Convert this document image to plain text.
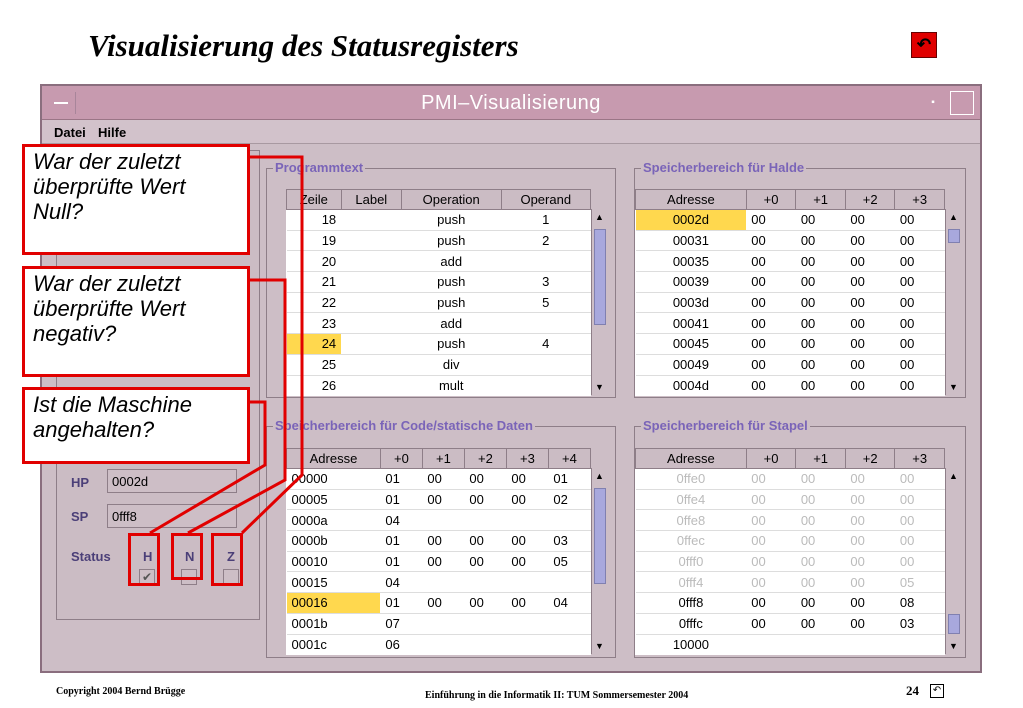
Visualisierung des Statusregisters	↶
PMI–Visualisierung	▪
Datei Hilfe
HP	0002d
SP	0fff8
Status H	N	Z
✔
Programmtext
Zeile	Label	Operation	Operand
18		push	1
19		push	2
20		add	
21		push	3
22		push	5
23		add	
24		push	4
25		div	
26		mult	
▲
▼
Speicherbereich für Halde
Adresse	+0	+1	+2	+3
0002d	00	00	00	00
00031	00	00	00	00
00035	00	00	00	00
00039	00	00	00	00
0003d	00	00	00	00
00041	00	00	00	00
00045	00	00	00	00
00049	00	00	00	00
0004d	00	00	00	00
▲
▼
Speicherbereich für Code/statische Daten
Adresse	+0	+1	+2	+3	+4
00000	01	00	00	00	01
00005	01	00	00	00	02
0000a	04				
0000b	01	00	00	00	03
00010	01	00	00	00	05
00015	04				
00016	01	00	00	00	04
0001b	07				
0001c	06				
▲
▼
Speicherbereich für Stapel
Adresse	+0	+1	+2	+3
0ffe0	00	00	00	00
0ffe4	00	00	00	00
0ffe8	00	00	00	00
0ffec	00	00	00	00
0fff0	00	00	00	00
0fff4	00	00	00	05
0fff8	00	00	00	08
0fffc	00	00	00	03
10000				
▲
▼
War der zuletzt überprüfte Wert Null?
War der zuletzt überprüfte Wert negativ?
Ist die Maschine angehalten?
Copyright 2004 Bernd Brügge	Einführung in die Informatik II: TUM Sommersemester 2004	24 ↶
